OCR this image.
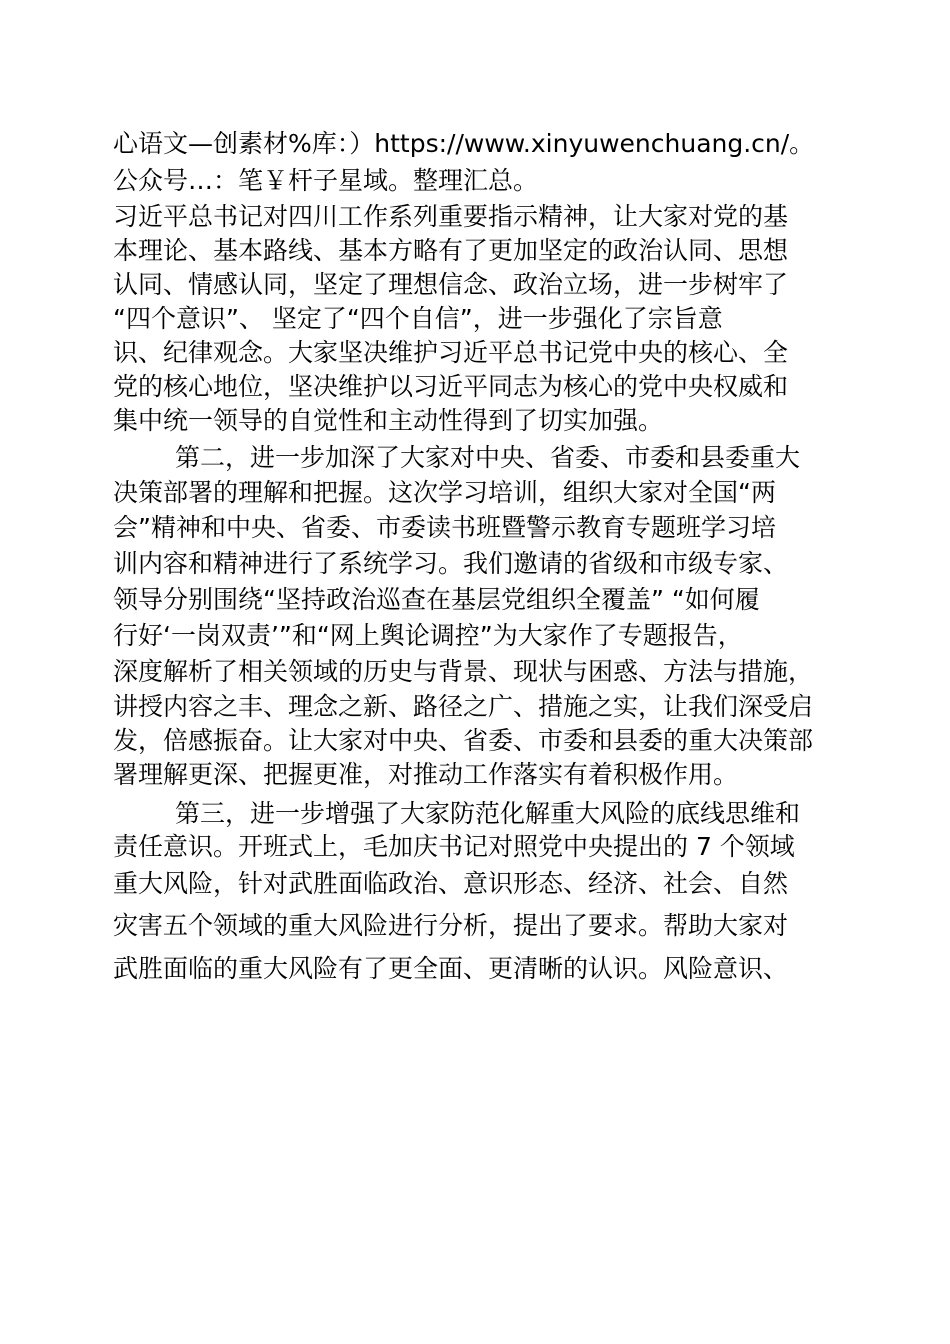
心语文—创素材%库：）https://www.xinyuwenchuang.cn/。
公众号…：笔￥杆子星域。整理汇总。
习近平总书记对四川工作系列重要指示精神，让大家对党的基
本理论、基本路线、基本方略有了更加坚定的政治认同、思想
认同、情感认同，坚定了理想信念、政治立场，进一步树牢了
“四个意识”、 坚定了“四个自信”，进一步强化了宗旨意
识、纪律观念。大家坚决维护习近平总书记党中央的核心、全
党的核心地位，坚决维护以习近平同志为核心的党中央权威和
集中统一领导的自觉性和主动性得到了切实加强。
第二，进一步加深了大家对中央、省委、市委和县委重大
决策部署的理解和把握。这次学习培训，组织大家对全国“两
会”精神和中央、省委、市委读书班暨警示教育专题班学习培
训内容和精神进行了系统学习。我们邀请的省级和市级专家、
领导分别围绕“坚持政治巡查在基层党组织全覆盖” “如何履
行好‘一岗双责’”和“网上舆论调控”为大家作了专题报告，
深度解析了相关领域的历史与背景、现状与困惑、方法与措施，
讲授内容之丰、理念之新、路径之广、措施之实，让我们深受启
发，倍感振奋。让大家对中央、省委、市委和县委的重大决策部
署理解更深、把握更准，对推动工作落实有着积极作用。
第三，进一步增强了大家防范化解重大风险的底线思维和
责任意识。开班式上，毛加庆书记对照党中央提出的 7 个领域
重大风险，针对武胜面临政治、意识形态、经济、社会、自然
灾害五个领域的重大风险进行分析，提出了要求。帮助大家对
武胜面临的重大风险有了更全面、更清晰的认识。风险意识、
